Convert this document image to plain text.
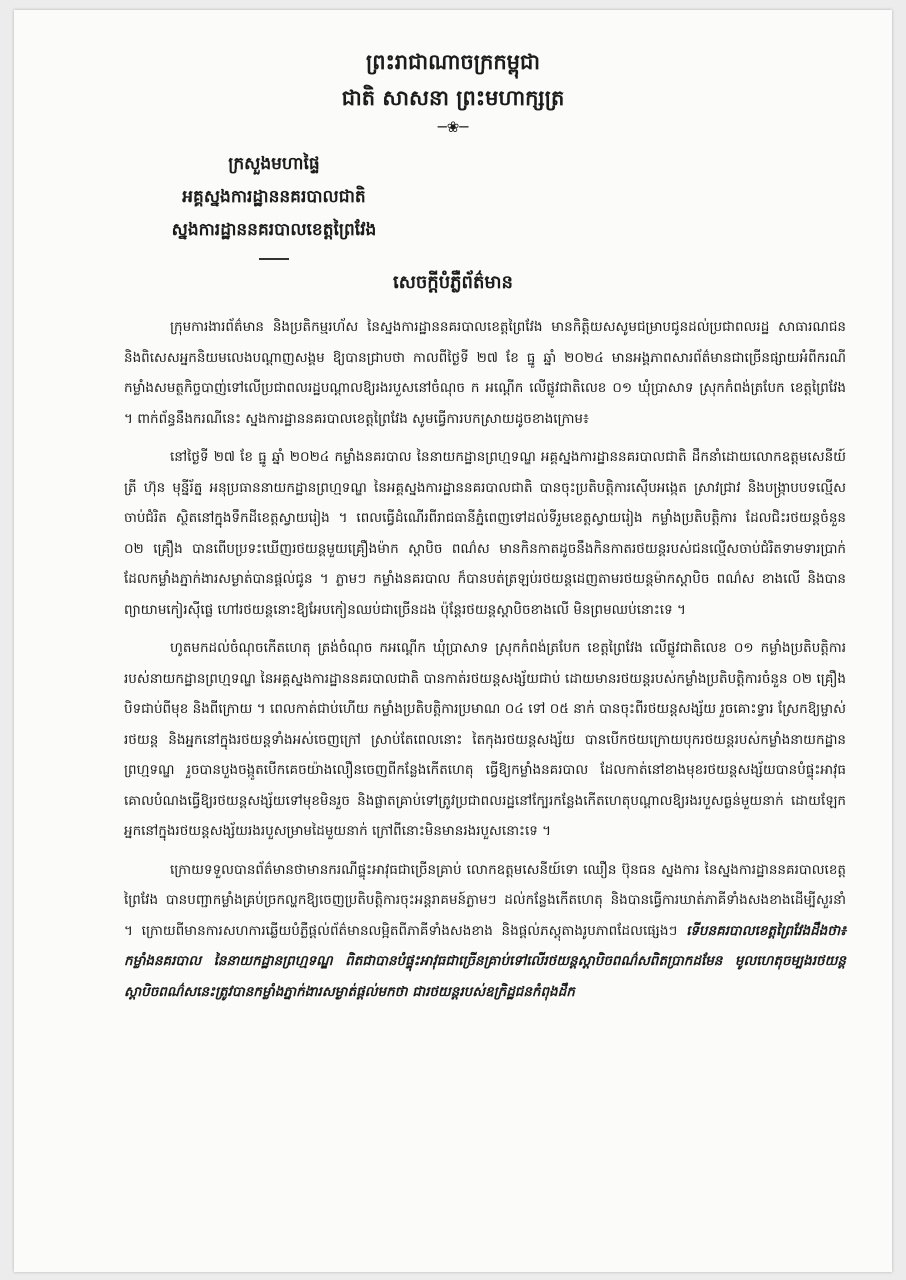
ព្រះរាជាណាចក្រកម្ពុជា
ជាតិ សាសនា ព្រះមហាក្សត្រ
─❀─
ក្រសួងមហាផ្ទៃ
អគ្គស្នងការដ្ឋាននគរបាលជាតិ
ស្នងការដ្ឋាននគរបាលខេត្តព្រៃវែង
សេចក្តីបំភ្លឺព័ត៌មាន

ក្រុមការងារព័ត៌មាន និងប្រតិកម្មរហ័ស នៃស្នងការដ្ឋាននគរបាលខេត្តព្រៃវែង មានកិត្តិយសសូមជម្រាបជូនដល់ប្រជាពលរដ្ឋ សាធារណជន និងពិសេសអ្នកនិយមលេងបណ្តាញសង្គម ឱ្យបានជ្រាបថា កាលពីថ្ងៃទី ២៧ ខែ ធ្នូ ឆ្នាំ ២០២៤ មានអង្គភាពសារព័ត៌មានជាច្រើនផ្សាយអំពីករណី កម្លាំងសមត្ថកិច្ចបាញ់ទៅលើប្រជាពលរដ្ឋបណ្តាលឱ្យរងរបួសនៅចំណុច ក អណ្តើក លើផ្លូវជាតិលេខ ០១ ឃុំប្រាសាទ ស្រុកកំពង់ត្របែក ខេត្តព្រៃវែង ។ ពាក់ព័ន្ធនឹងករណីនេះ ស្នងការដ្ឋាននគរបាលខេត្តព្រៃវែង សូមធ្វើការបកស្រាយដូចខាងក្រោម៖

នៅថ្ងៃទី ២៧ ខែ ធ្នូ ឆ្នាំ ២០២៤ កម្លាំងនគរបាល នៃនាយកដ្ឋានព្រហ្មទណ្ឌ អគ្គស្នងការដ្ឋាននគរបាលជាតិ ដឹកនាំដោយលោកឧត្តមសេនីយ៍ត្រី ហ៊ុន មុន្នីរ័ត្ន អនុប្រធាននាយកដ្ឋានព្រហ្មទណ្ឌ នៃអគ្គស្នងការដ្ឋាននគរបាលជាតិ បានចុះប្រតិបត្តិការស៊ើបអង្កេត ស្រាវជ្រាវ និងបង្ក្រាបបទល្មើសចាប់ជំរិត ស្ថិតនៅក្នុងទឹកដីខេត្តស្វាយរៀង ។ ពេលធ្វើដំណើរពីរាជធានីភ្នំពេញទៅដល់ទីរួមខេត្តស្វាយរៀង កម្លាំងប្រតិបត្តិការ ដែលជិះរថយន្តចំនួន ០២ គ្រឿង បានពើបប្រទះឃើញរថយន្តមួយគ្រឿងម៉ាក ស្តាបិច ពណ៌ស មានកិនកាតដូចនឹងកិនកាតរថយន្តរបស់ជនល្មើសចាប់ជំរិតទាមទារប្រាក់ ដែលកម្លាំងភ្នាក់ងារសម្ងាត់បានផ្តល់ជូន ។ ភ្លាមៗ កម្លាំងនគរបាល ក៏បានបត់ត្រឡប់រថយន្តដេញតាមរថយន្តម៉ាកស្តាបិច ពណ៌ស ខាងលើ និងបានព្យាយាមកៀរស៊ីផ្លេ ហៅរថយន្តនោះឱ្យអែបកៀនឈប់ជាច្រើនដង ប៉ុន្តែរថយន្តស្តាបិចខាងលើ មិនព្រមឈប់នោះទេ ។

ហូតមកដល់ចំណុចកើតហេតុ ត្រង់ចំណុច កអណ្តើក ឃុំប្រាសាទ ស្រុកកំពង់ត្របែក ខេត្តព្រៃវែង លើផ្លូវជាតិលេខ ០១ កម្លាំងប្រតិបត្តិការរបស់នាយកដ្ឋានព្រហ្មទណ្ឌ នៃអគ្គស្នងការដ្ឋាននគរបាលជាតិ បានកាត់រថយន្តសង្ស័យជាប់ ដោយមានរថយន្តរបស់កម្លាំងប្រតិបត្តិការចំនួន ០២ គ្រឿង បិទជាប់ពីមុខ និងពីក្រោយ ។ ពេលកាត់ជាប់ហើយ កម្លាំងប្រតិបត្តិការប្រមាណ ០៤ ទៅ ០៥ នាក់ បានចុះពីរថយន្តសង្ស័យ រួចគោះទ្វារ ស្រែកឱ្យម្ចាស់រថយន្ត និងអ្នកនៅក្នុងរថយន្តទាំងអស់ចេញក្រៅ ស្រាប់តែពេលនោះ តៃកុងរថយន្តសង្ស័យ បានបើកថយក្រោយបុករថយន្តរបស់កម្លាំងនាយកដ្ឋានព្រហ្មទណ្ឌ រួចបានបួងចង្កូតបើកគេចយ៉ាងលឿនចេញពីកន្លែងកើតហេតុ ធ្វើឱ្យកម្លាំងនគរបាល ដែលកាត់នៅខាងមុខរថយន្តសង្ស័យបានបំផ្ទុះអាវុធ គោលបំណងធ្វើឱ្យរថយន្តសង្ស័យទៅមុខមិនរួច និងផ្លាតគ្រាប់ទៅត្រូវប្រជាពលរដ្ឋនៅក្បែរកន្លែងកើតហេតុបណ្តាលឱ្យរងរបួសធ្ងន់មួយនាក់ ដោយឡែកអ្នកនៅក្នុងរថយន្តសង្ស័យរងរបួសម្រាមដៃមួយនាក់ ក្រៅពីនោះមិនមានរងរបួសនោះទេ ។

ក្រោយទទួលបានព័ត៌មានថាមានករណីផ្ទុះអាវុធជាច្រើនគ្រាប់ លោកឧត្តមសេនីយ៍ទោ ឈឿន ប៊ុនធន ស្នងការ នៃស្នងការដ្ឋាននគរបាលខេត្តព្រៃវែង បានបញ្ជាកម្លាំងគ្រប់ច្រកល្ហកឱ្យចេញប្រតិបត្តិការចុះអន្តរាគមន៍ភ្លាមៗ ដល់កន្លែងកើតហេតុ និងបានធ្វើការឃាត់ភាគីទាំងសងខាងដើម្បីសួរនាំ ។ ក្រោយពីមានការសហការឆ្លើយបំភ្លឺផ្តល់ព័ត៌មានលម្អិតពីភាគីទាំងសងខាង និងផ្តល់ភស្តុតាងរូបភាពដែលផ្សេងៗ ទើបនគរបាលខេត្តព្រៃវែងដឹងថា៖ កម្លាំងនគរបាល នៃនាយកដ្ឋានព្រហ្មទណ្ឌ ពិតជាបានបំផ្ទុះអាវុធជាច្រើនគ្រាប់ទៅលើរថយន្តស្តាបិចពណ៌សពិតប្រាកដមែន មូលហេតុចម្បងរថយន្តស្តាបិចពណ៌សនេះត្រូវបានកម្លាំងភ្នាក់ងារសម្ងាត់ផ្តល់មកថា ជារថយន្តរបស់ឧក្រិដ្ឋជនកំពុងដឹក
